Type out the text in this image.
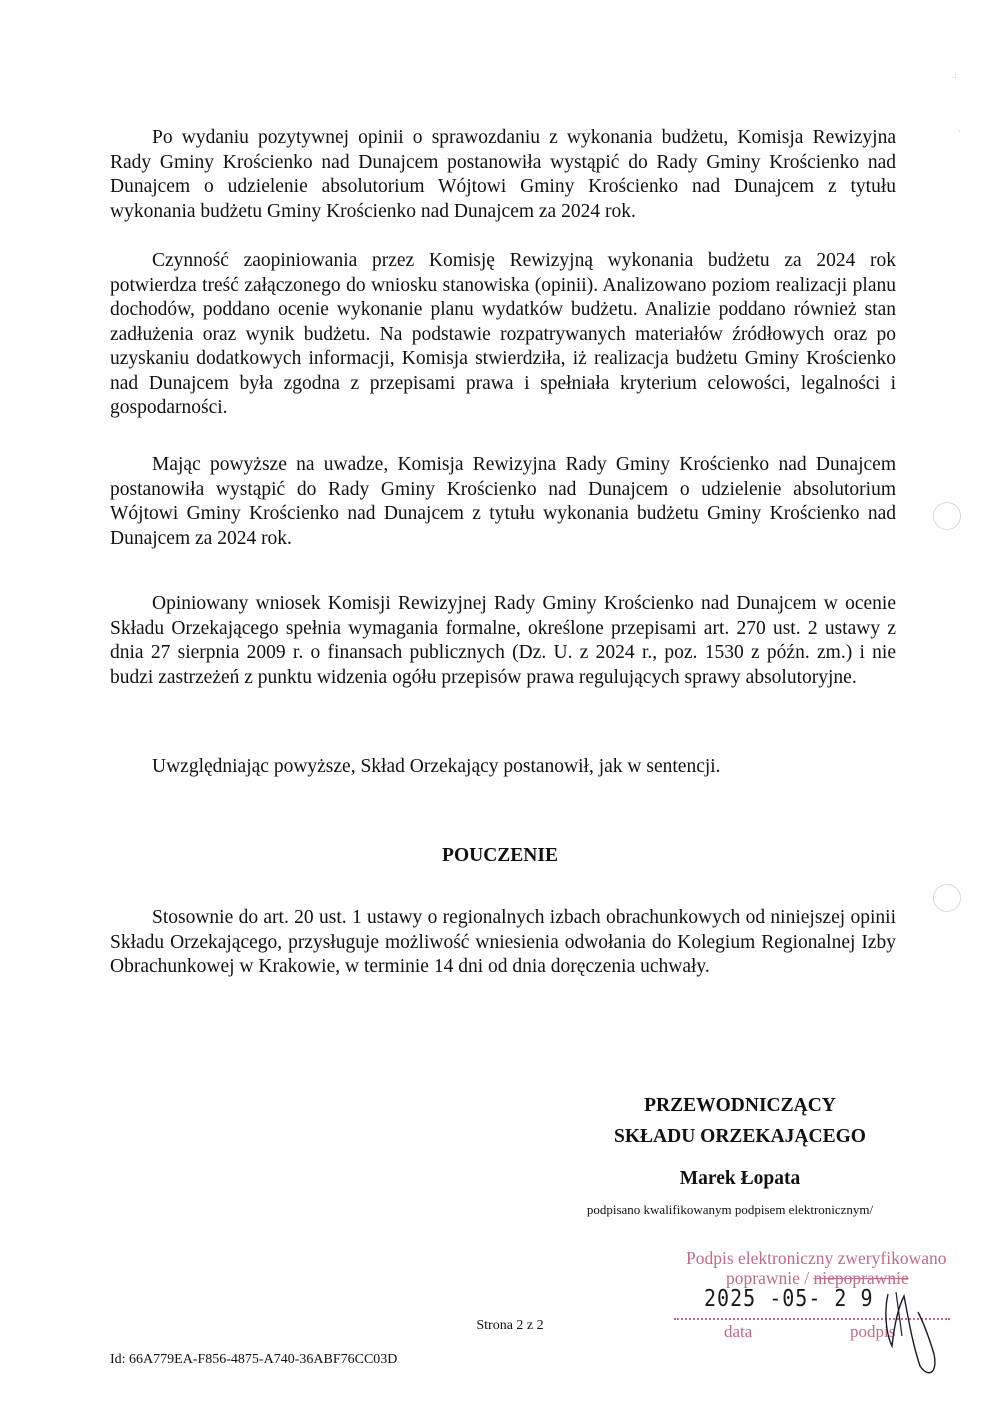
.:
·
Po wydaniu pozytywnej opinii o sprawozdaniu z wykonania budżetu, Komisja Rewizyjna Rady Gminy Krościenko nad Dunajcem postanowiła wystąpić do Rady Gminy Krościenko nad Dunajcem o udzielenie absolutorium Wójtowi Gminy Krościenko nad Dunajcem z tytułu wykonania budżetu Gminy Krościenko nad Dunajcem za 2024 rok.
Czynność zaopiniowania przez Komisję Rewizyjną wykonania budżetu za 2024 rok potwierdza treść załączonego do wniosku stanowiska (opinii). Analizowano poziom realizacji planu dochodów, poddano ocenie wykonanie planu wydatków budżetu. Analizie poddano również stan zadłużenia oraz wynik budżetu. Na podstawie rozpatrywanych materiałów źródłowych oraz po uzyskaniu dodatkowych informacji, Komisja stwierdziła, iż realizacja budżetu Gminy Krościenko nad Dunajcem była zgodna z przepisami prawa i spełniała kryterium celowości, legalności i gospodarności.
Mając powyższe na uwadze, Komisja Rewizyjna Rady Gminy Krościenko nad Dunajcem postanowiła wystąpić do Rady Gminy Krościenko nad Dunajcem o udzielenie absolutorium Wójtowi Gminy Krościenko nad Dunajcem z tytułu wykonania budżetu Gminy Krościenko nad Dunajcem za 2024 rok.
Opiniowany wniosek Komisji Rewizyjnej Rady Gminy Krościenko nad Dunajcem w ocenie Składu Orzekającego spełnia wymagania formalne, określone przepisami art. 270 ust. 2 ustawy z dnia 27 sierpnia 2009 r. o finansach publicznych (Dz. U. z 2024 r., poz. 1530 z późn. zm.) i nie budzi zastrzeżeń z punktu widzenia ogółu przepisów prawa regulujących sprawy absolutoryjne.
Uwzględniając powyższe, Skład Orzekający postanowił, jak w sentencji.
POUCZENIE
Stosownie do art. 20 ust. 1 ustawy o regionalnych izbach obrachunkowych od niniejszej opinii Składu Orzekającego, przysługuje możliwość wniesienia odwołania do Kolegium Regionalnej Izby Obrachunkowej w Krakowie, w terminie 14 dni od dnia doręczenia uchwały.
PRZEWODNICZĄCY
SKŁADU ORZEKAJĄCEGO
Marek Łopata
podpisano kwalifikowanym podpisem elektronicznym/
Podpis elektroniczny zweryfikowano
poprawnie / niepoprawnie
2025 -05- 2 9
data	podpis
Strona 2 z 2
Id: 66A779EA-F856-4875-A740-36ABF76CC03D
